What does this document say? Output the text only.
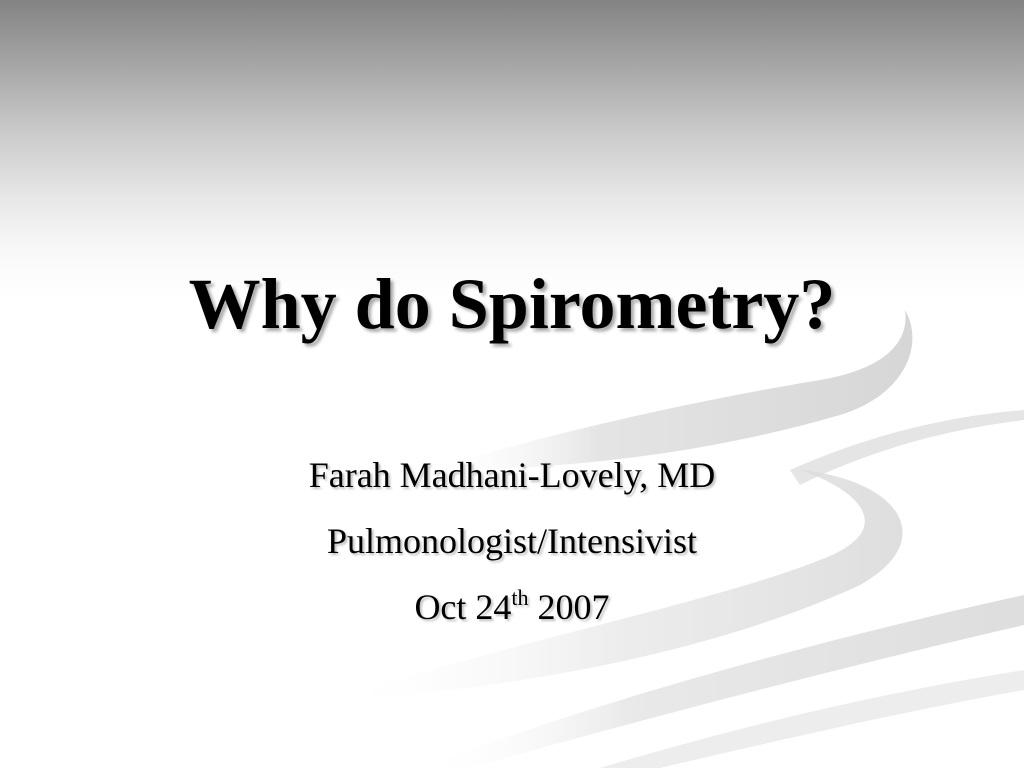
Why do Spirometry?
Farah Madhani-Lovely, MD
Pulmonologist/Intensivist
Oct 24th 2007
